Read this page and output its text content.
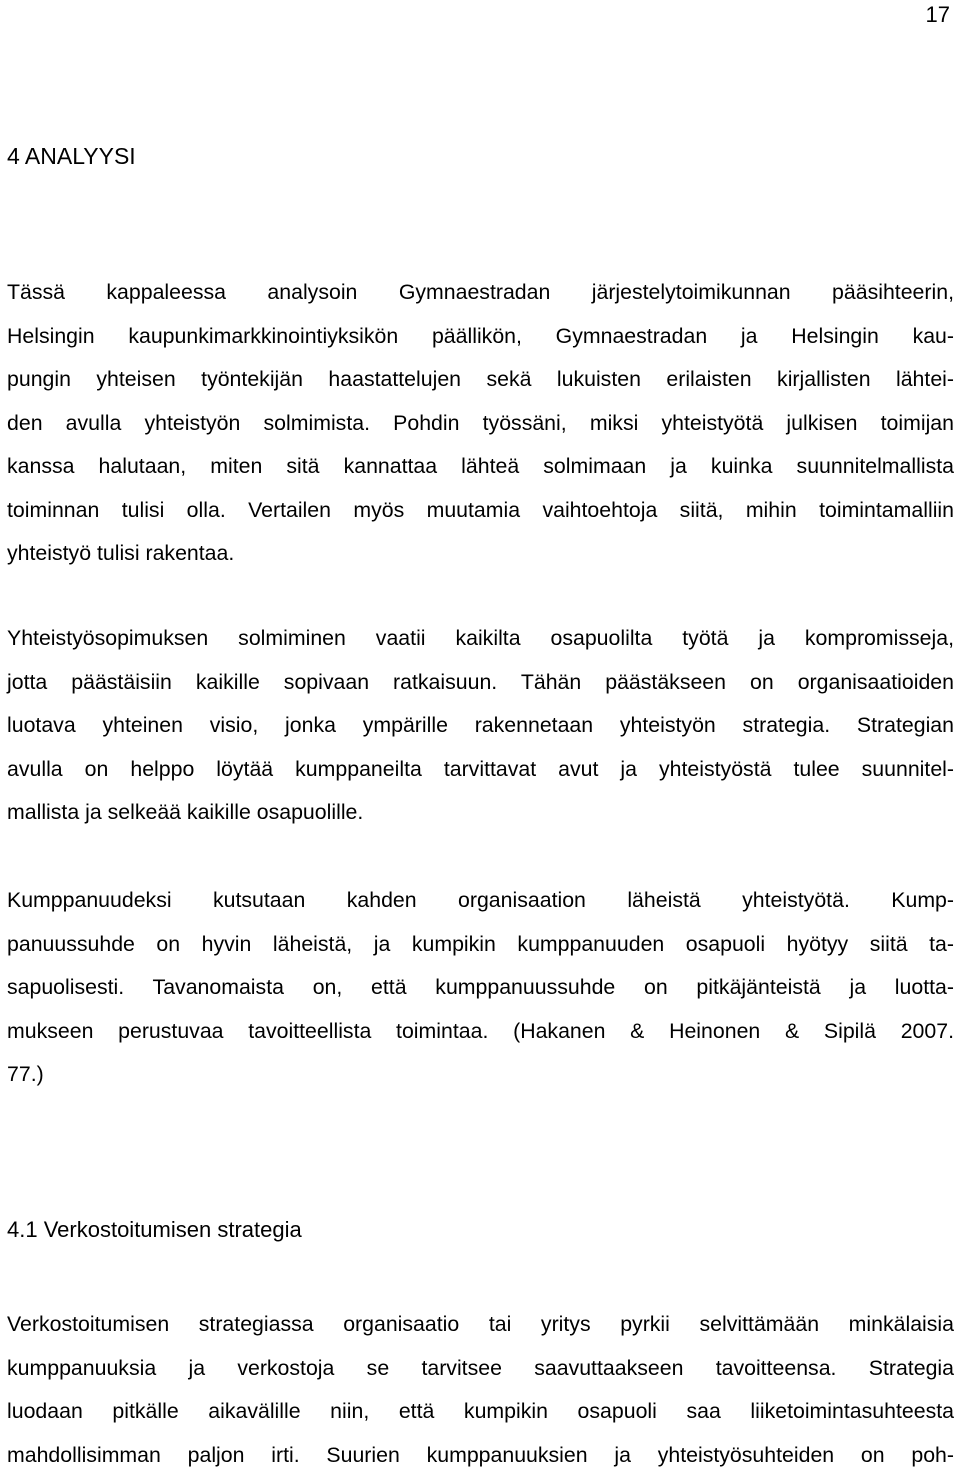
17
4 ANALYYSI

Tässä kappaleessa analysoin Gymnaestradan järjestelytoimikunnan pääsihteerin,
Helsingin kaupunkimarkkinointiyksikön päällikön, Gymnaestradan ja Helsingin kau-
pungin yhteisen työntekijän haastattelujen sekä lukuisten erilaisten kirjallisten lähtei-
den avulla yhteistyön solmimista. Pohdin työssäni, miksi yhteistyötä julkisen toimijan
kanssa halutaan, miten sitä kannattaa lähteä solmimaan ja kuinka suunnitelmallista
toiminnan tulisi olla. Vertailen myös muutamia vaihtoehtoja siitä, mihin toimintamalliin
yhteistyö tulisi rakentaa.

Yhteistyösopimuksen solmiminen vaatii kaikilta osapuolilta työtä ja kompromisseja,
jotta päästäisiin kaikille sopivaan ratkaisuun. Tähän päästäkseen on organisaatioiden
luotava yhteinen visio, jonka ympärille rakennetaan yhteistyön strategia. Strategian
avulla on helppo löytää kumppaneilta tarvittavat avut ja yhteistyöstä tulee suunnitel-
mallista ja selkeää kaikille osapuolille.

Kumppanuudeksi kutsutaan kahden organisaation läheistä yhteistyötä. Kump-
panuussuhde on hyvin läheistä, ja kumpikin kumppanuuden osapuoli hyötyy siitä ta-
sapuolisesti. Tavanomaista on, että kumppanuussuhde on pitkäjänteistä ja luotta-
mukseen perustuvaa tavoitteellista toimintaa. (Hakanen & Heinonen & Sipilä 2007.
77.)

4.1 Verkostoitumisen strategia

Verkostoitumisen strategiassa organisaatio tai yritys pyrkii selvittämään minkälaisia
kumppanuuksia ja verkostoja se tarvitsee saavuttaakseen tavoitteensa. Strategia
luodaan pitkälle aikavälille niin, että kumpikin osapuoli saa liiketoimintasuhteesta
mahdollisimman paljon irti. Suurien kumppanuuksien ja yhteistyösuhteiden on poh-
